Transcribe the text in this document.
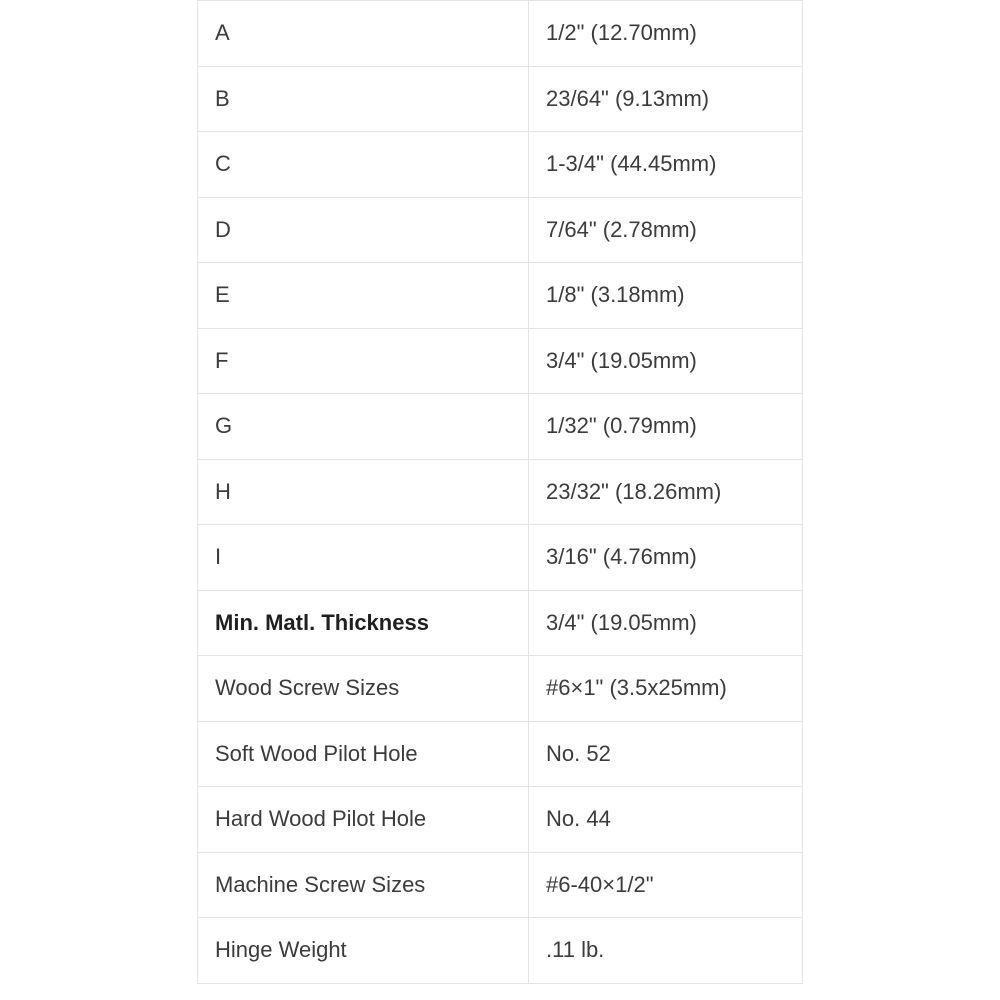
A	1/2" (12.70mm)
B	23/64" (9.13mm)
C	1-3/4" (44.45mm)
D	7/64" (2.78mm)
E	1/8" (3.18mm)
F	3/4" (19.05mm)
G	1/32" (0.79mm)
H	23/32" (18.26mm)
I	3/16" (4.76mm)
Min. Matl. Thickness	3/4" (19.05mm)
Wood Screw Sizes	#6×1" (3.5x25mm)
Soft Wood Pilot Hole	No. 52
Hard Wood Pilot Hole	No. 44
Machine Screw Sizes	#6-40×1/2"
Hinge Weight	.11 lb.
